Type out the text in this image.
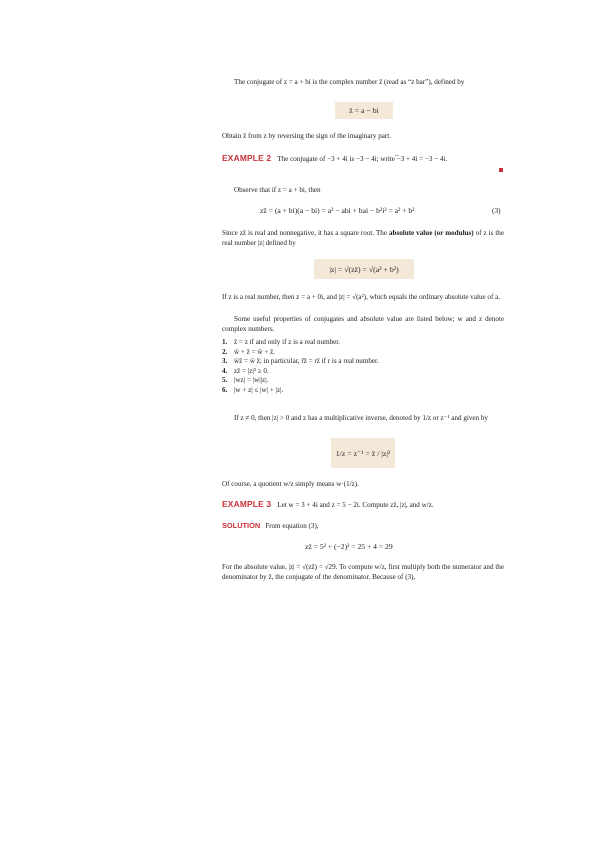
The conjugate of z = a + bi is the complex number z̄ (read as “z bar”), defined by

z̄ = a − bi

Obtain z̄ from z by reversing the sign of the imaginary part.

EXAMPLE 2 The conjugate of −3 + 4i is −3 − 4i; write ̅−3 + 4i = −3 − 4i.

Observe that if z = a + bi, then

zz̄ = (a + bi)(a − bi) = a² − abi + bai − b²i² = a² + b²	(3)

Since zz̄ is real and nonnegative, it has a square root. The absolute value (or modulus) of z is the real number |z| defined by

|z| = √(zz̄) = √(a² + b²)

If z is a real number, then z = a + 0i, and |z| = √(a²), which equals the ordinary absolute value of a.

Some useful properties of conjugates and absolute value are listed below; w and z denote complex numbers.

1. z̄ = z if and only if z is a real number.
2. w̄ + z̄ = w̄ + z̄.
3. w̄z̄ = w̄ z̄; in particular, r̄z̄ = rz̄ if r is a real number.
4. zz̄ = |z|² ≥ 0.
5. |wz| = |w||z|.
6. |w + z| ≤ |w| + |z|.

If z ≠ 0, then |z| > 0 and z has a multiplicative inverse, denoted by 1/z or z⁻¹ and given by

1/z = z⁻¹ = z̄ / |z|²

Of course, a quotient w/z simply means w·(1/z).

EXAMPLE 3 Let w = 3 + 4i and z = 5 − 2i. Compute zz̄, |z|, and w/z.

SOLUTION From equation (3),

zz̄ = 5² + (−2)² = 25 + 4 = 29

For the absolute value, |z| = √(zz̄) = √29. To compute w/z, first multiply both the numerator and the denominator by z̄, the conjugate of the denominator. Because of (3),
